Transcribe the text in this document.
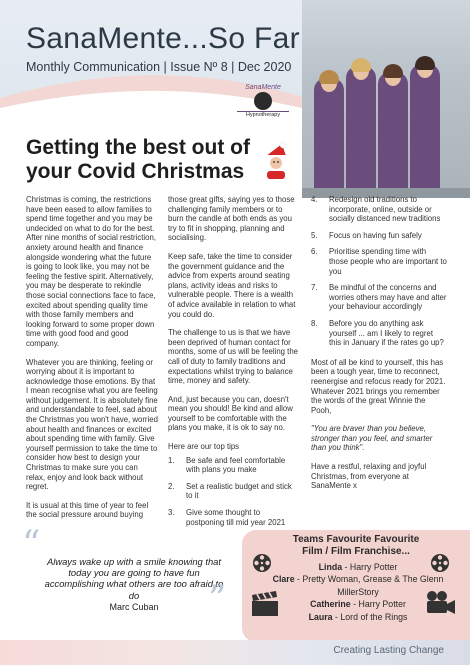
SanaMente...So Far
Monthly Communication | Issue Nº 8 | Dec 2020
SanaMente
Hypnotherapy
Getting the best out of your Covid Christmas

Christmas is coming, the restrictions have been eased to allow families to spend time together and you may be undecided on what to do for the best. After nine months of social restriction, anxiety around health and finance alongside wondering what the future is going to look like, you may not be feeling the festive spirit. Alternatively, you may be desperate to rekindle those social connections face to face, excited about spending quality time with those family members and looking forward to some proper down time with good food and good company.

Whatever you are thinking, feeling or worrying about it is important to acknowledge those emotions. By that I mean recognise what you are feeling without judgement. It is absolutely fine and understandable to feel, sad about the Christmas you won't have, worried about health and finances or excited about spending time with family. Give yourself permission to take the time to consider how best to design your Christmas to make sure you can relax, enjoy and look back without regret.

It is usual at this time of year to feel the social pressure around buying

those great gifts, saying yes to those challenging family members or to burn the candle at both ends as you try to fit in shopping, planning and socialising.

Keep safe, take the time to consider the government guidance and the advice from experts around seating plans, activity ideas and risks to vulnerable people. There is a wealth of advice available in relation to what you could do.

The challenge to us is that we have been deprived of human contact for months, some of us will be feeling the call of duty to family traditions and expectations whilst trying to balance time, money and safety.

And, just because you can, doesn't mean you should! Be kind and allow yourself to be comfortable with the plans you make, it is ok to say no.

Here are our top tips

1. Be safe and feel comfortable with plans you make
2. Set a realistic budget and stick to it
3. Give some thought to postponing till mid year 2021
4. Redesign old traditions to incorporate, online, outside or socially distanced new traditions
5. Focus on having fun safely
6. Prioritise spending time with those people who are important to you
7. Be mindful of the concerns and worries others may have and alter your behaviour accordingly
8. Before you do anything ask yourself ... am I likely to regret this in January if the rates go up?

Most of all be kind to yourself, this has been a tough year, time to reconnect, reenergise and refocus ready for 2021. Whatever 2021 brings you remember the words of the great Winnie the Pooh,

"You are braver than you believe, stronger than you feel, and smarter than you think".

Have a restful, relaxing and joyful Christmas, from everyone at SanaMente x

“ Always wake up with a smile knowing that today you are going to have fun accomplishing what others are too afraid to do
Marc Cuban	”
Teams Favourite Favourite
Film / Film Franchise...
Linda - Harry Potter
Clare - Pretty Woman, Grease & The Glenn MillerStory
Catherine - Harry Potter
Laura - Lord of the Rings
Creating Lasting Change
